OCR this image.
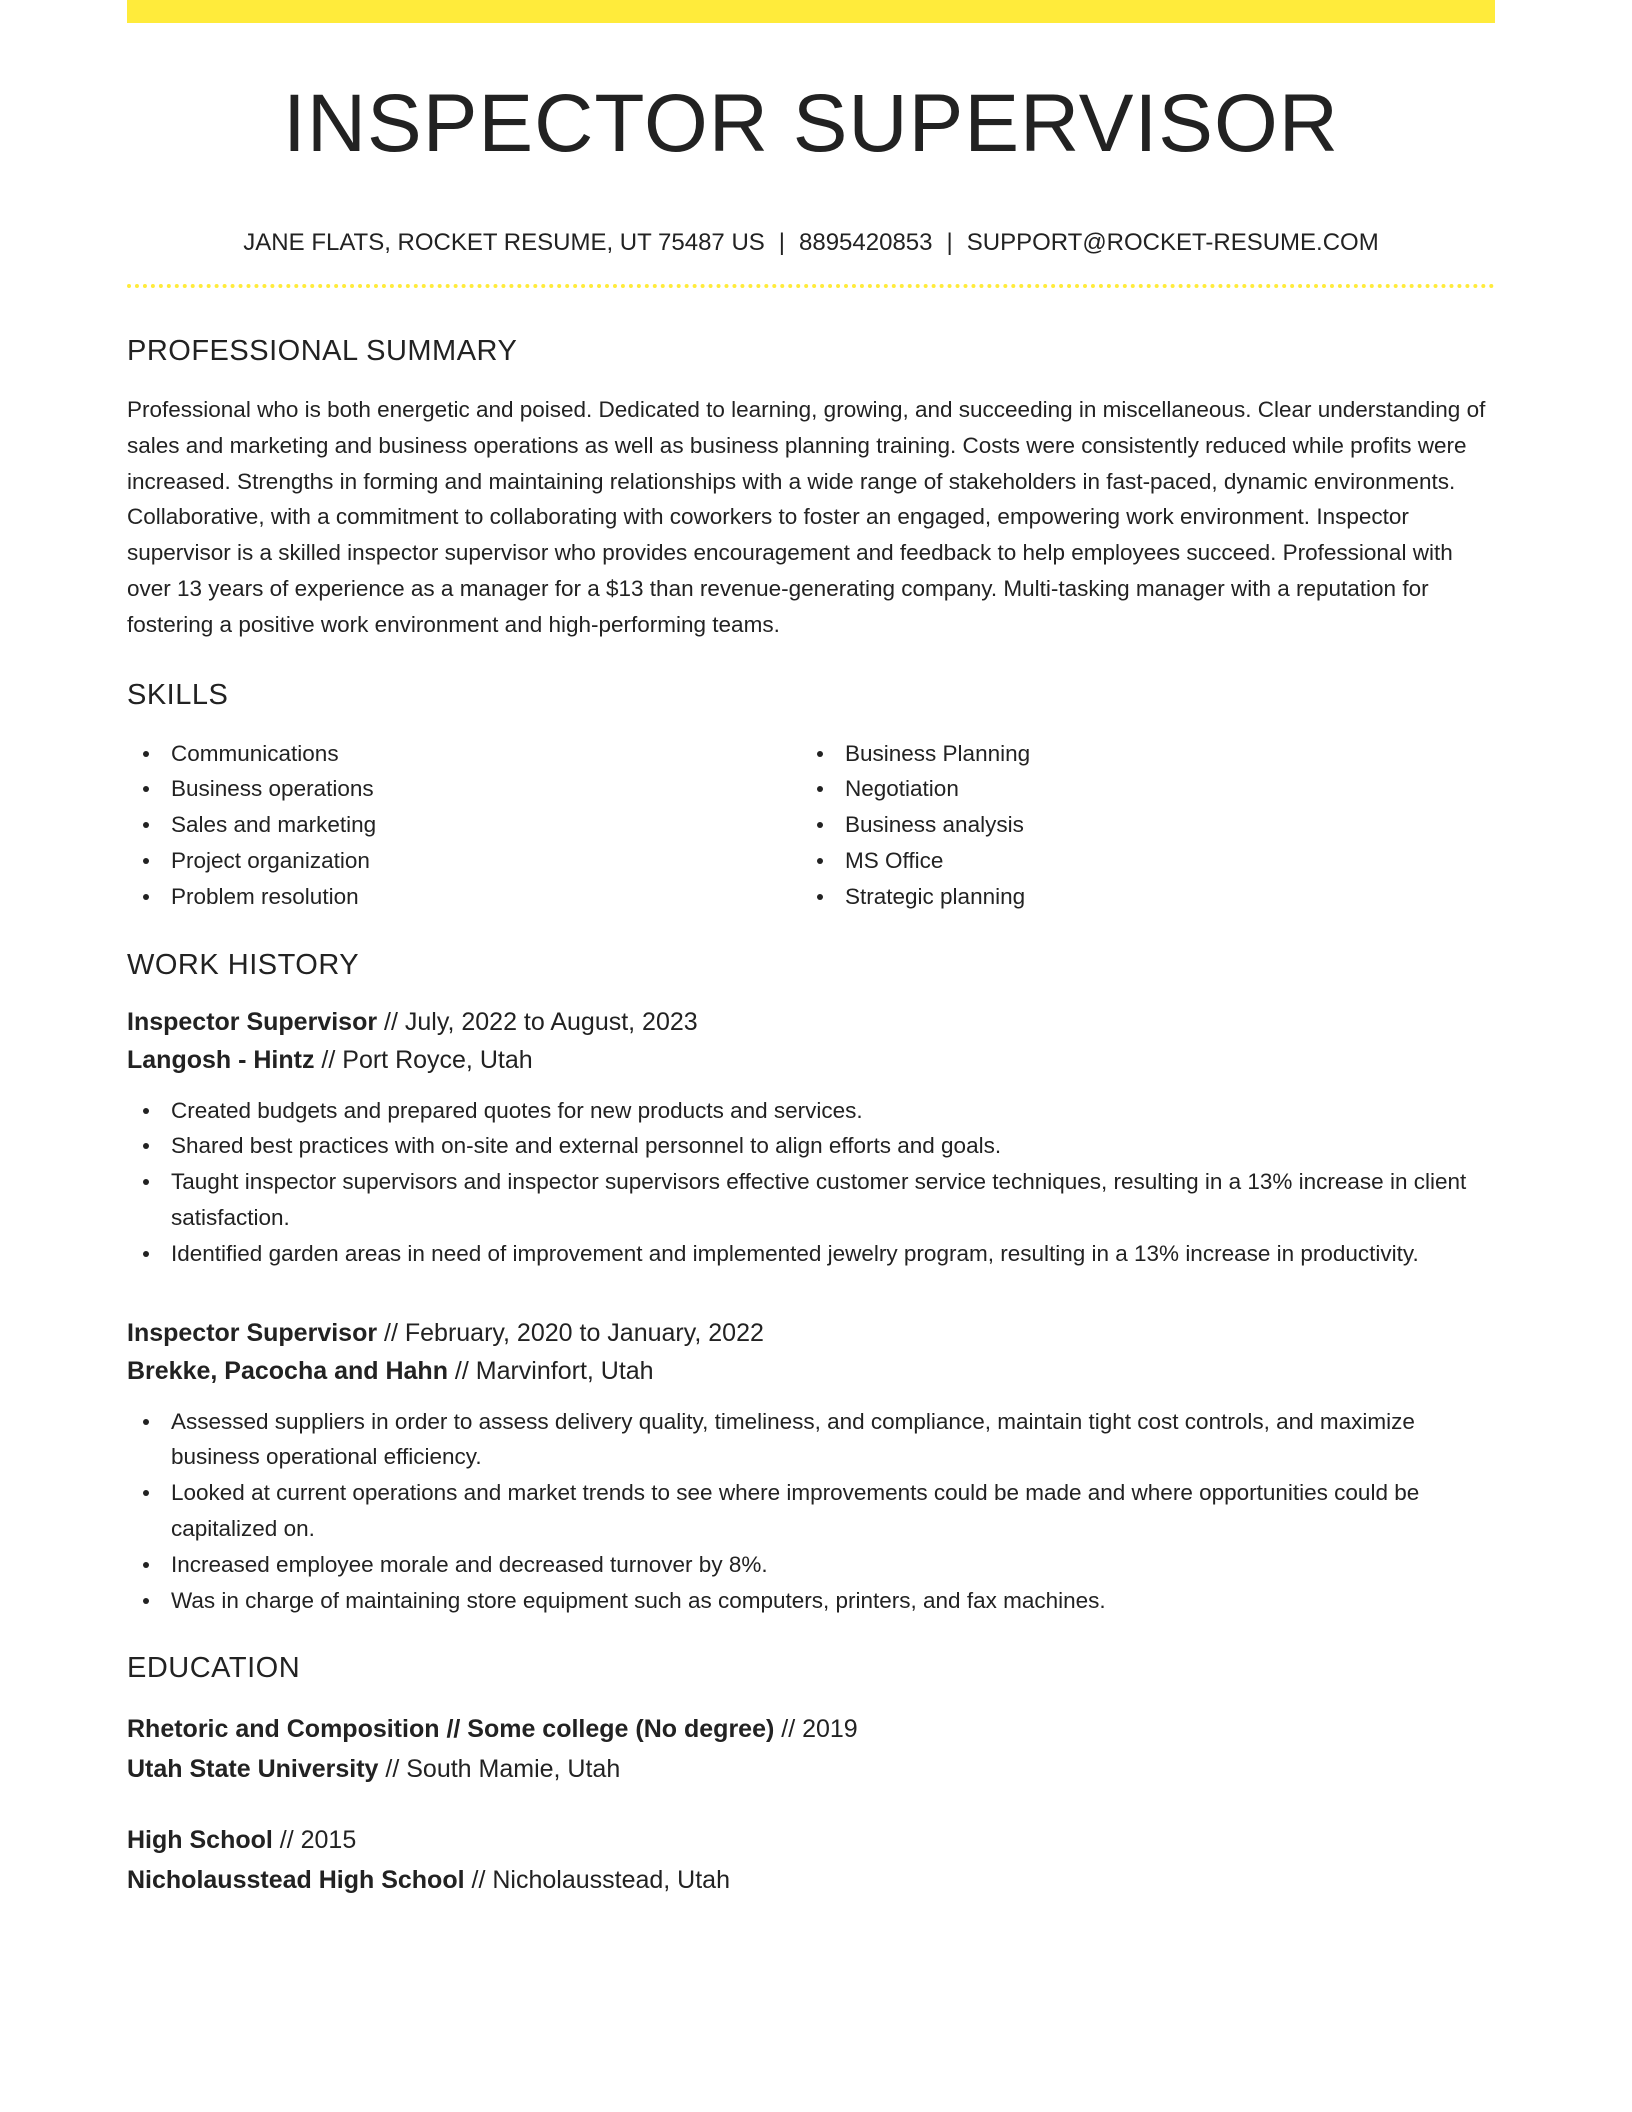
INSPECTOR SUPERVISOR
JANE FLATS, ROCKET RESUME, UT 75487 US | 8895420853 | SUPPORT@ROCKET-RESUME.COM
PROFESSIONAL SUMMARY
Professional who is both energetic and poised. Dedicated to learning, growing, and succeeding in miscellaneous. Clear understanding of sales and marketing and business operations as well as business planning training. Costs were consistently reduced while profits were increased. Strengths in forming and maintaining relationships with a wide range of stakeholders in fast-paced, dynamic environments. Collaborative, with a commitment to collaborating with coworkers to foster an engaged, empowering work environment. Inspector supervisor is a skilled inspector supervisor who provides encouragement and feedback to help employees succeed. Professional with over 13 years of experience as a manager for a $13 than revenue-generating company. Multi-tasking manager with a reputation for fostering a positive work environment and high-performing teams.
SKILLS
Communications
Business operations
Sales and marketing
Project organization
Problem resolution
Business Planning
Negotiation
Business analysis
MS Office
Strategic planning
WORK HISTORY
Inspector Supervisor // July, 2022 to August, 2023
Langosh - Hintz // Port Royce, Utah
Created budgets and prepared quotes for new products and services.
Shared best practices with on-site and external personnel to align efforts and goals.
Taught inspector supervisors and inspector supervisors effective customer service techniques, resulting in a 13% increase in client satisfaction.
Identified garden areas in need of improvement and implemented jewelry program, resulting in a 13% increase in productivity.
Inspector Supervisor // February, 2020 to January, 2022
Brekke, Pacocha and Hahn // Marvinfort, Utah
Assessed suppliers in order to assess delivery quality, timeliness, and compliance, maintain tight cost controls, and maximize business operational efficiency.
Looked at current operations and market trends to see where improvements could be made and where opportunities could be capitalized on.
Increased employee morale and decreased turnover by 8%.
Was in charge of maintaining store equipment such as computers, printers, and fax machines.
EDUCATION
Rhetoric and Composition // Some college (No degree) // 2019
Utah State University // South Mamie, Utah
High School // 2015
Nicholausstead High School // Nicholausstead, Utah
